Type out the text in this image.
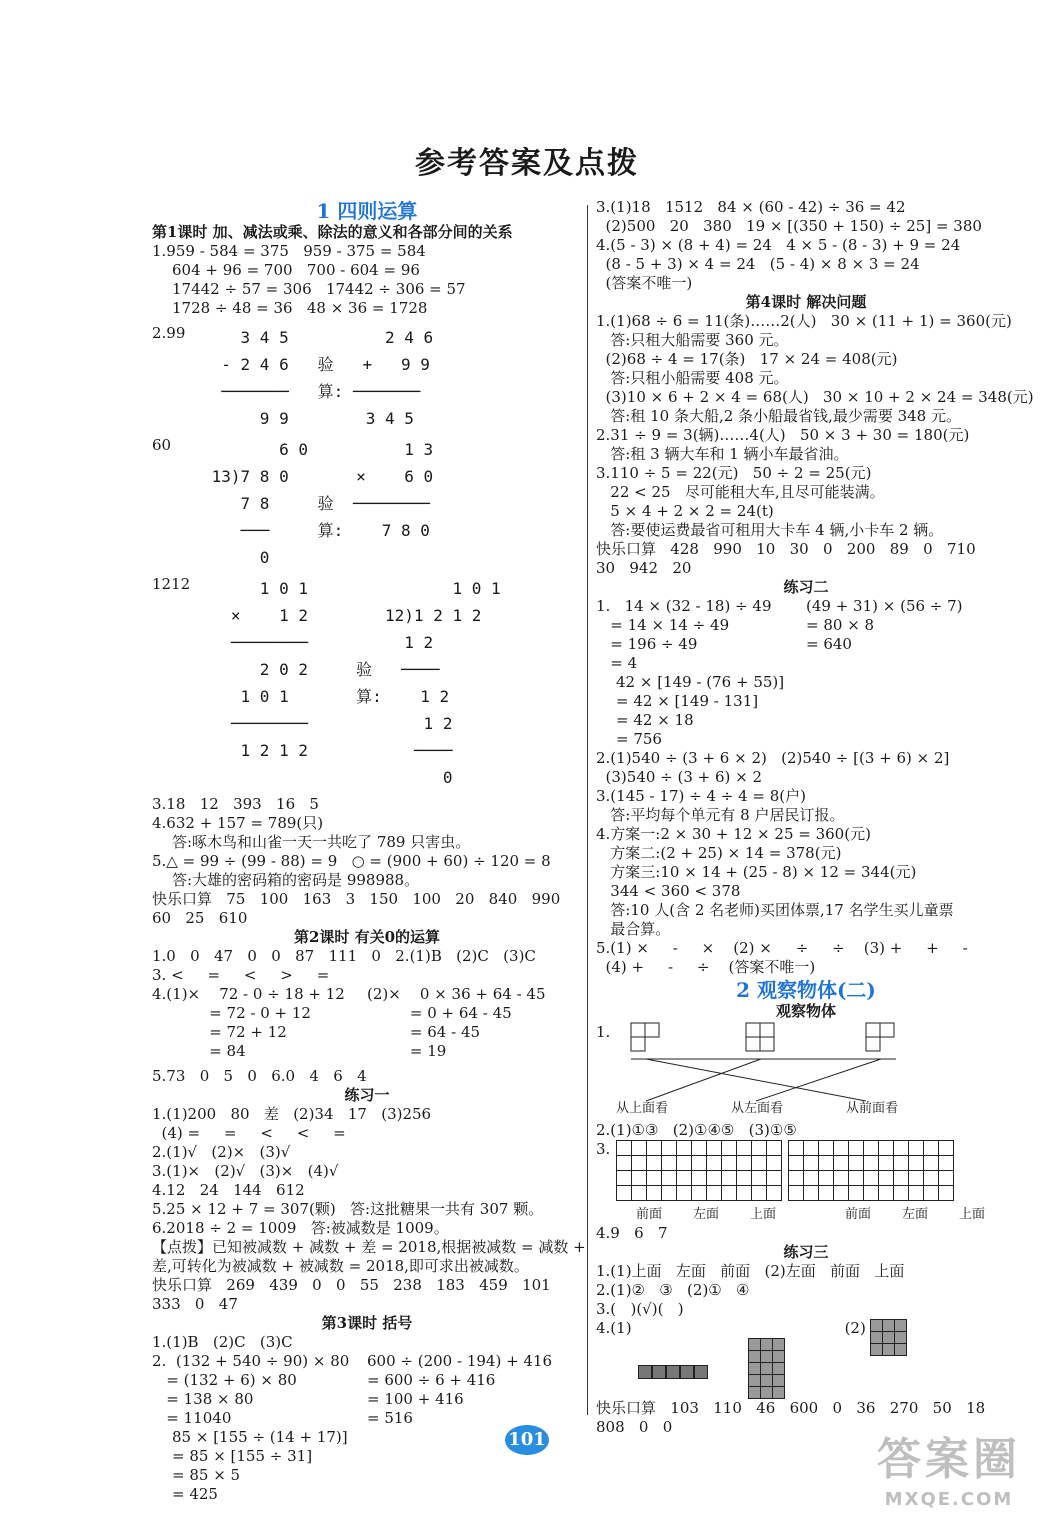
参考答案及点拨
1 四则运算
第1课时 加、减法或乘、除法的意义和各部分间的关系
1.959 - 584 = 375   959 - 375 = 584
604 + 96 = 700   700 - 604 = 96
17442 ÷ 57 = 306   17442 ÷ 306 = 57
1728 ÷ 48 = 36   48 × 36 = 1728
2.99	3 4 5          2 4 6
- 2 4 6   验   +   9 9
───────   算: ───────
9 9        3 4 5
60	6 0          1 3
13)7 8 0       ×    6 0
7 8     验  ────────
───     算:    7 8 0
0
1212	1 0 1               1 0 1
×    1 2        12)1 2 1 2
────────          1 2
2 0 2     验   ────
1 0 1       算:    1 2
────────            1 2
1 2 1 2           ────
0
3.18   12   393   16   5
4.632 + 157 = 789(只)
答:啄木鸟和山雀一天一共吃了 789 只害虫。
5.△ = 99 ÷ (99 - 88) = 9   ○ = (900 + 60) ÷ 120 = 8
答:大雄的密码箱的密码是 998988。
快乐口算   75   100   163   3   150   100   20   840   990
60   25   610
第2课时 有关0的运算
1.0   0   47   0   0   87   111   0   2.(1)B   (2)C   (3)C
3. <     =     <     >     =
4.(1)×    72 - 0 ÷ 18 + 12
= 72 - 0 + 12
= 72 + 12
= 84
(2)×    0 × 36 + 64 - 45
= 0 + 64 - 45
= 64 - 45
= 19
5.73   0   5   0   6.0   4   6   4
练习一
1.(1)200   80   差   (2)34   17   (3)256
(4) =     =     <     <     =
2.(1)√   (2)×   (3)√
3.(1)×   (2)√   (3)×   (4)√
4.12   24   144   612
5.25 × 12 + 7 = 307(颗)   答:这批糖果一共有 307 颗。
6.2018 ÷ 2 = 1009   答:被减数是 1009。
【点拨】已知被减数 + 减数 + 差 = 2018,根据被减数 = 减数 +
差,可转化为被减数 + 被减数 = 2018,即可求出被减数。
快乐口算   269   439   0   0   55   238   183   459   101
333   0   47
第3课时 括号
1.(1)B   (2)C   (3)C
2.  (132 + 540 ÷ 90) × 80
= (132 + 6) × 80
= 138 × 80
= 11040
600 ÷ (200 - 194) + 416
= 600 ÷ 6 + 416
= 100 + 416
= 516
85 × [155 ÷ (14 + 17)]
= 85 × [155 ÷ 31]
= 85 × 5
= 425
3.(1)18   1512   84 × (60 - 42) ÷ 36 = 42
(2)500   20   380   19 × [(350 + 150) ÷ 25] = 380
4.(5 - 3) × (8 + 4) = 24   4 × 5 - (8 - 3) + 9 = 24
(8 - 5 + 3) × 4 = 24   (5 - 4) × 8 × 3 = 24
(答案不唯一)
第4课时 解决问题
1.(1)68 ÷ 6 = 11(条)……2(人)   30 × (11 + 1) = 360(元)
答:只租大船需要 360 元。
(2)68 ÷ 4 = 17(条)   17 × 24 = 408(元)
答:只租小船需要 408 元。
(3)10 × 6 + 2 × 4 = 68(人)   30 × 10 + 2 × 24 = 348(元)
答:租 10 条大船,2 条小船最省钱,最少需要 348 元。
2.31 ÷ 9 = 3(辆)……4(人)   50 × 3 + 30 = 180(元)
答:租 3 辆大车和 1 辆小车最省油。
3.110 ÷ 5 = 22(元)   50 ÷ 2 = 25(元)
22 < 25   尽可能租大车,且尽可能装满。
5 × 4 + 2 × 2 = 24(t)
答:要使运费最省可租用大卡车 4 辆,小卡车 2 辆。
快乐口算   428   990   10   30   0   200   89   0   710
30   942   20
练习二
1.   14 × (32 - 18) ÷ 49
= 14 × 14 ÷ 49
= 196 ÷ 49
= 4
(49 + 31) × (56 ÷ 7)
= 80 × 8
= 640
42 × [149 - (76 + 55)]
= 42 × [149 - 131]
= 42 × 18
= 756
2.(1)540 ÷ (3 + 6 × 2)   (2)540 ÷ [(3 + 6) × 2]
(3)540 ÷ (3 + 6) × 2
3.(145 - 17) ÷ 4 ÷ 4 = 8(户)
答:平均每个单元有 8 户居民订报。
4.方案一:2 × 30 + 12 × 25 = 360(元)
方案二:(2 + 25) × 14 = 378(元)
方案三:10 × 14 + (25 - 8) × 12 = 344(元)
344 < 360 < 378
答:10 人(含 2 名老师)买团体票,17 名学生买儿童票
最合算。
5.(1) ×     -     ×    (2) ×     ÷     ÷    (3) +     +     -
(4) +     -     ÷    (答案不唯一)
2 观察物体(二)
观察物体
1.
从上面看	从左面看	从前面看
2.(1)①③   (2)①④⑤   (3)①⑤
3.
前面	左面	上面	前面	左面	上面
4.9   6   7
练习三
1.(1)上面   左面   前面   (2)左面   前面   上面
2.(1)②   ③   (2)①   ④
3.(   )(√)(   )
4.(1)	(2)
快乐口算   103   110   46   600   0   36   270   50   18
808   0   0
101	答案圈
MXQE.COM
